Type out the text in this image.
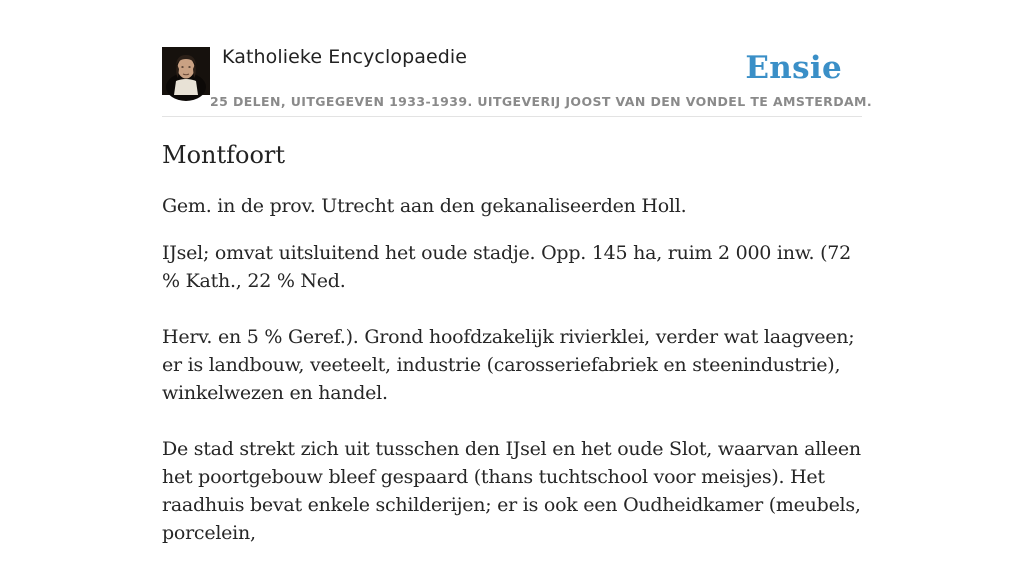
Katholieke Encyclopaedie
25 DELEN, UITGEGEVEN 1933-1939. UITGEVERIJ JOOST VAN DEN VONDEL TE AMSTERDAM.
Ensie
Montfoort

Gem. in de prov. Utrecht aan den gekanaliseerden Holl.

IJsel; omvat uitsluitend het oude stadje. Opp. 145 ha, ruim 2 000 inw. (72 % Kath., 22 % Ned.

Herv. en 5 % Geref.). Grond hoofdzakelijk rivierklei, verder wat laagveen; er is landbouw, veeteelt, industrie (carosseriefabriek en steenindustrie), winkelwezen en handel.

De stad strekt zich uit tusschen den IJsel en het oude Slot, waarvan alleen het poortgebouw bleef gespaard (thans tuchtschool voor meisjes). Het raadhuis bevat enkele schilderijen; er is ook een Oudheidkamer (meubels, porcelein,
